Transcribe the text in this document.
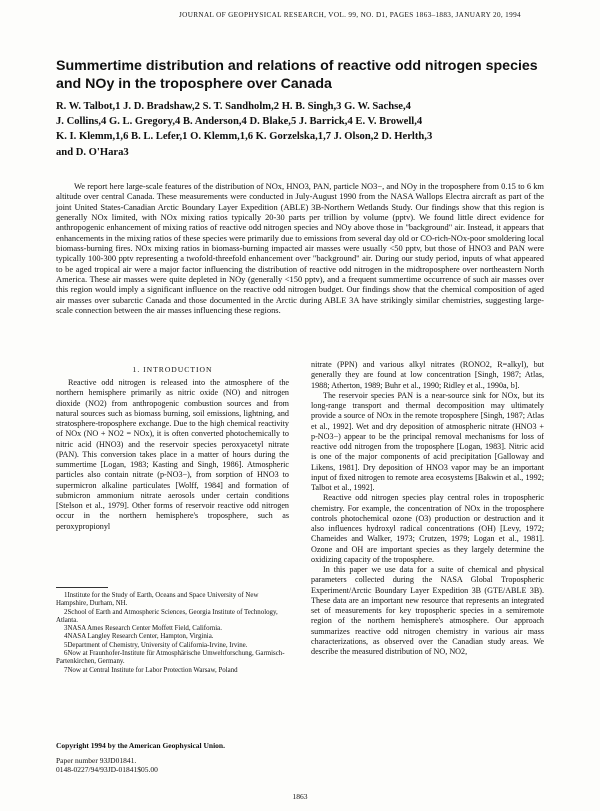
JOURNAL OF GEOPHYSICAL RESEARCH, VOL. 99, NO. D1, PAGES 1863–1883, JANUARY 20, 1994
Summertime distribution and relations of reactive odd nitrogen species and NOy in the troposphere over Canada
R. W. Talbot,1 J. D. Bradshaw,2 S. T. Sandholm,2 H. B. Singh,3 G. W. Sachse,4
J. Collins,4 G. L. Gregory,4 B. Anderson,4 D. Blake,5 J. Barrick,4 E. V. Browell,4
K. I. Klemm,1,6 B. L. Lefer,1 O. Klemm,1,6 K. Gorzelska,1,7 J. Olson,2 D. Herlth,3
and D. O'Hara3

We report here large-scale features of the distribution of NOx, HNO3, PAN, particle NO3−, and NOy in the troposphere from 0.15 to 6 km altitude over central Canada. These measurements were conducted in July-August 1990 from the NASA Wallops Electra aircraft as part of the joint United States-Canadian Arctic Boundary Layer Expedition (ABLE) 3B-Northern Wetlands Study. Our findings show that this region is generally NOx limited, with NOx mixing ratios typically 20-30 parts per trillion by volume (pptv). We found little direct evidence for anthropogenic enhancement of mixing ratios of reactive odd nitrogen species and NOy above those in "background" air. Instead, it appears that enhancements in the mixing ratios of these species were primarily due to emissions from several day old or CO-rich-NOx-poor smoldering local biomass-burning fires. NOx mixing ratios in biomass-burning impacted air masses were usually <50 pptv, but those of HNO3 and PAN were typically 100-300 pptv representing a twofold-threefold enhancement over "background" air. During our study period, inputs of what appeared to be aged tropical air were a major factor influencing the distribution of reactive odd nitrogen in the midtroposphere over northeastern North America. These air masses were quite depleted in NOy (generally <150 pptv), and a frequent summertime occurrence of such air masses over this region would imply a significant influence on the reactive odd nitrogen budget. Our findings show that the chemical composition of aged air masses over subarctic Canada and those documented in the Arctic during ABLE 3A have strikingly similar chemistries, suggesting large-scale connection between the air masses influencing these regions.

1. INTRODUCTION

Reactive odd nitrogen is released into the atmosphere of the northern hemisphere primarily as nitric oxide (NO) and nitrogen dioxide (NO2) from anthropogenic combustion sources and from natural sources such as biomass burning, soil emissions, lightning, and stratosphere-troposphere exchange. Due to the high chemical reactivity of NOx (NO + NO2 = NOx), it is often converted photochemically to nitric acid (HNO3) and the reservoir species peroxyacetyl nitrate (PAN). This conversion takes place in a matter of hours during the summertime [Logan, 1983; Kasting and Singh, 1986]. Atmospheric particles also contain nitrate (p-NO3−), from sorption of HNO3 to supermicron alkaline particulates [Wolff, 1984] and formation of submicron ammonium nitrate aerosols under certain conditions [Stelson et al., 1979]. Other forms of reservoir reactive odd nitrogen occur in the northern hemisphere's troposphere, such as peroxypropionyl

1Institute for the Study of Earth, Oceans and Space University of New Hampshire, Durham, NH.

2School of Earth and Atmospheric Sciences, Georgia Institute of Technology, Atlanta.

3NASA Ames Research Center Moffett Field, California.

4NASA Langley Research Center, Hampton, Virginia.

5Department of Chemistry, University of California-Irvine, Irvine.

6Now at Fraunhofer-Institute für Atmosphärische Umweltforschung, Garmisch-Partenkirchen, Germany.

7Now at Central Institute for Labor Protection Warsaw, Poland

Copyright 1994 by the American Geophysical Union.
Paper number 93JD01841.
0148-0227/94/93JD-01841$05.00

nitrate (PPN) and various alkyl nitrates (RONO2, R=alkyl), but generally they are found at low concentration [Singh, 1987; Atlas, 1988; Atherton, 1989; Buhr et al., 1990; Ridley et al., 1990a, b].

The reservoir species PAN is a near-source sink for NOx, but its long-range transport and thermal decomposition may ultimately provide a source of NOx in the remote troposphere [Singh, 1987; Atlas et al., 1992]. Wet and dry deposition of atmospheric nitrate (HNO3 + p-NO3−) appear to be the principal removal mechanisms for loss of reactive odd nitrogen from the troposphere [Logan, 1983]. Nitric acid is one of the major components of acid precipitation [Galloway and Likens, 1981]. Dry deposition of HNO3 vapor may be an important input of fixed nitrogen to remote area ecosystems [Bakwin et al., 1992; Talbot et al., 1992].

Reactive odd nitrogen species play central roles in tropospheric chemistry. For example, the concentration of NOx in the troposphere controls photochemical ozone (O3) production or destruction and it also influences hydroxyl radical concentrations (OH) [Levy, 1972; Chameides and Walker, 1973; Crutzen, 1979; Logan et al., 1981]. Ozone and OH are important species as they largely determine the oxidizing capacity of the troposphere.

In this paper we use data for a suite of chemical and physical parameters collected during the NASA Global Tropospheric Experiment/Arctic Boundary Layer Expedition 3B (GTE/ABLE 3B). These data are an important new resource that represents an integrated set of measurements for key tropospheric species in a semiremote region of the northern hemisphere's atmosphere. Our approach summarizes reactive odd nitrogen chemistry in various air mass characterizations, as observed over the Canadian study areas. We describe the measured distribution of NO, NO2,

1863
